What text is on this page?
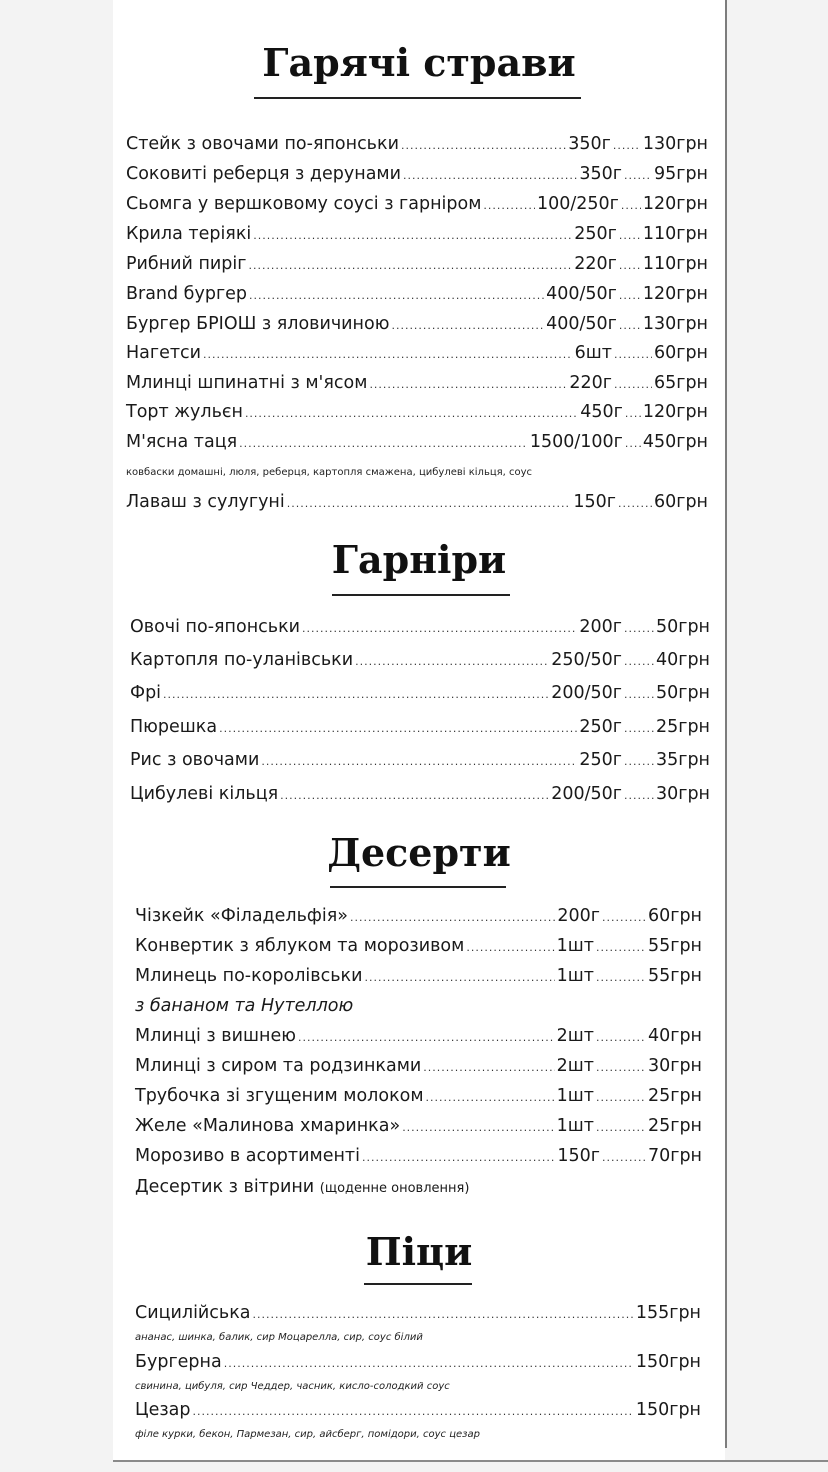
Гарячі страви
Стейк з овочами по-японськи .....	350г ..... 130грн
Соковиті реберця з дерунами .....	350г ..... 95грн
Сьомга у вершковому соусі з гарніром .....	100/250г ..... 120грн
Крила теріякі .....	250г ..... 110грн
Рибний пиріг .....	220г ..... 110грн
Brand бургер .....	400/50г ..... 120грн
Бургер БРІОШ з яловичиною .....	400/50г ..... 130грн
Нагетси .....	6шт ..... 60грн
Млинці шпинатні з м'ясом .....	220г ..... 65грн
Торт жульєн .....	450г ..... 120грн
М'ясна таця .....	1500/100г ..... 450грн
ковбаски домашні, люля, реберця, картопля смажена, цибулеві кільця, соус
Лаваш з сулугуні .....	150г ..... 60грн
Гарніри
Овочі по-японськи .....	200г ..... 50грн
Картопля по-уланівськи .....	250/50г ..... 40грн
Фрі .....	200/50г ..... 50грн
Пюрешка .....	250г ..... 25грн
Рис з овочами .....	250г ..... 35грн
Цибулеві кільця .....	200/50г ..... 30грн
Десерти
Чізкейк «Філадельфія» .....	200г .....	60грн
Конвертик з яблуком та морозивом .....	1шт .....	55грн
Млинець по-королівськи .....	1шт .....	55грн
з бананом та Нутеллою
Млинці з вишнею .....	2шт .....	40грн
Млинці з сиром та родзинками .....	2шт .....	30грн
Трубочка зі згущеним молоком .....	1шт .....	25грн
Желе «Малинова хмаринка» .....	1шт .....	25грн
Морозиво в асортименті .....	150г .....	70грн
Десертик з вітрини (щоденне оновлення)
Піци
Сицилійська .....	155грн
ананас, шинка, балик, сир Моцарелла, сир, соус білий
Бургерна .....	150грн
свинина, цибуля, сир Чеддер, часник, кисло-солодкий соус
Цезар .....	150грн
філе курки, бекон, Пармезан, сир, айсберг, помідори, соус цезар
